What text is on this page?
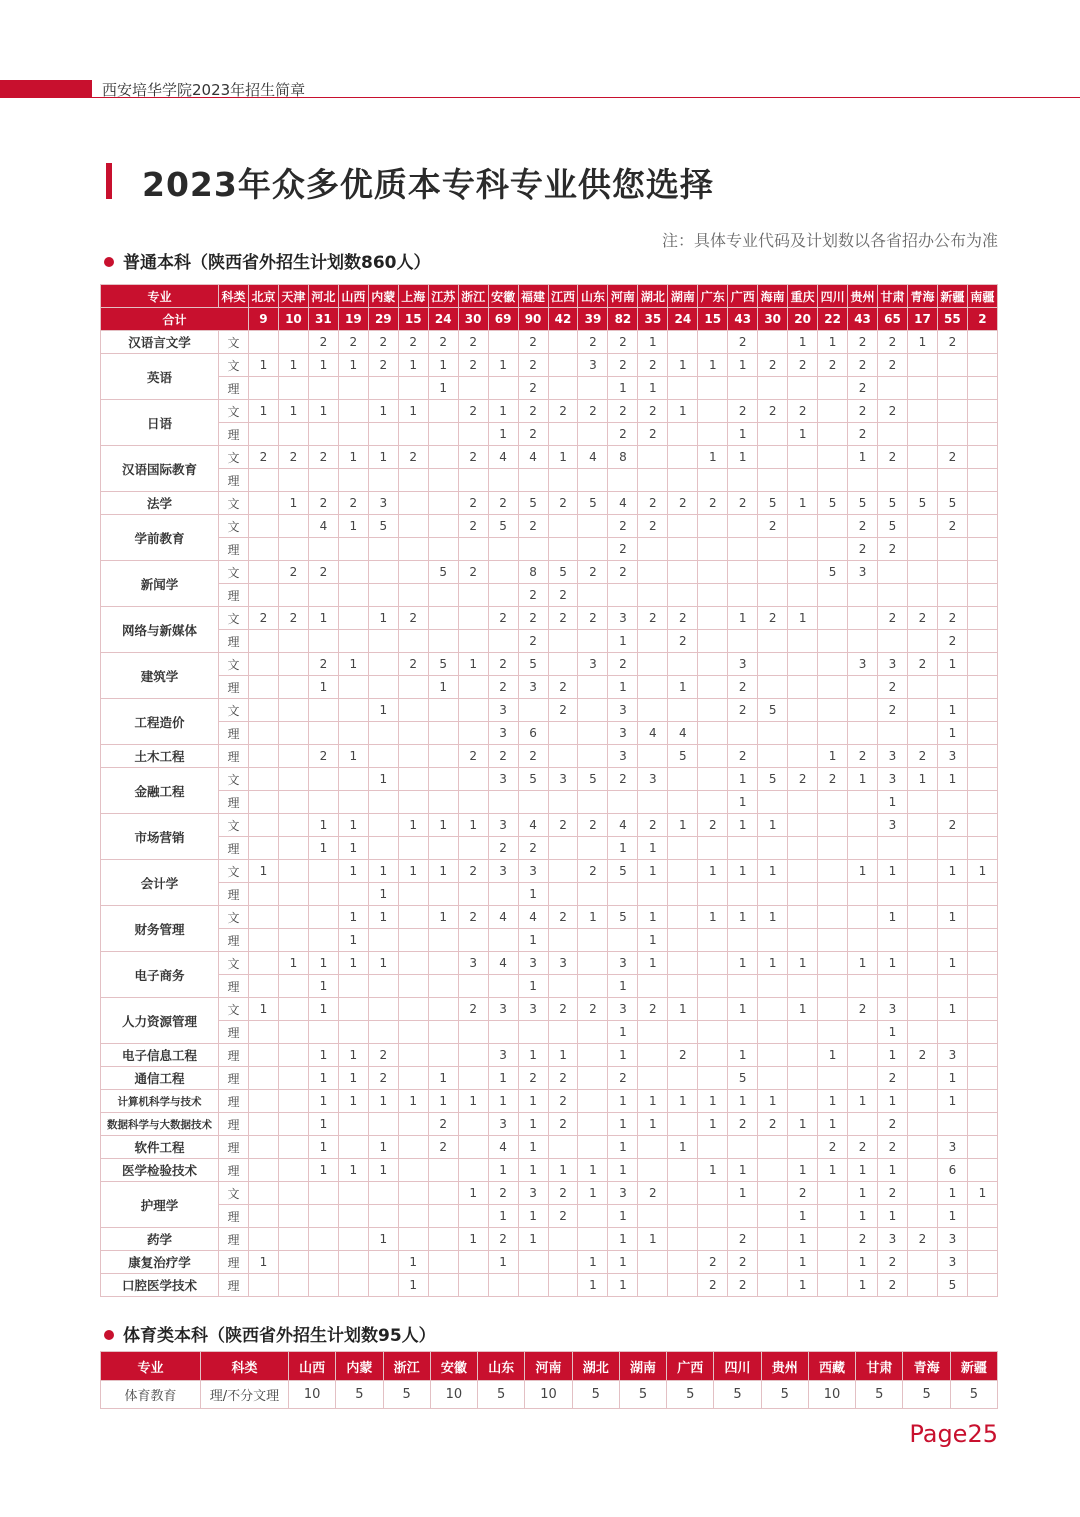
西安培华学院2023年招生简章
2023年众多优质本专科专业供您选择
注：具体专业代码及计划数以各省招办公布为准
普通本科（陕西省外招生计划数860人）
专业	科类	北京	天津	河北	山西	内蒙	上海	江苏	浙江	安徽	福建	江西	山东	河南	湖北	湖南	广东	广西	海南	重庆	四川	贵州	甘肃	青海	新疆	南疆
合计		9	10	31	19	29	15	24	30	69	90	42	39	82	35	24	15	43	30	20	22	43	65	17	55	2
汉语言文学	文			2	2	2	2	2	2		2		2	2	1			2		1	1	2	2	1	2	
英语	文	1	1	1	1	2	1	1	2	1	2		3	2	2	1	1	1	2	2	2	2	2			
	理							1			2			1	1							2				
日语	文	1	1	1		1	1		2	1	2	2	2	2	2	1		2	2	2		2	2			
	理									1	2			2	2			1		1		2				
汉语国际教育	文	2	2	2	1	1	2		2	4	4	1	4	8			1	1				1	2		2	
	理																									
法学	文		1	2	2	3			2	2	5	2	5	4	2	2	2	2	5	1	5	5	5	5	5	
学前教育	文			4	1	5			2	5	2			2	2				2			2	5		2	
	理													2								2	2			
新闻学	文		2	2				5	2		8	5	2	2							5	3				
	理										2	2														
网络与新媒体	文	2	2	1		1	2			2	2	2	2	3	2	2		1	2	1			2	2	2	
	理										2			1		2									2	
建筑学	文			2	1		2	5	1	2	5		3	2				3				3	3	2	1	
	理			1				1		2	3	2		1		1		2					2			
工程造价	文					1				3		2		3				2	5				2		1	
	理									3	6			3	4	4									1	
土木工程	理			2	1				2	2	2			3		5		2			1	2	3	2	3	
金融工程	文					1				3	5	3	5	2	3			1	5	2	2	1	3	1	1	
	理																	1					1			
市场营销	文			1	1		1	1	1	3	4	2	2	4	2	1	2	1	1				3		2	
	理			1	1					2	2			1	1											
会计学	文	1			1	1	1	1	2	3	3		2	5	1		1	1	1			1	1		1	1
	理					1					1															
财务管理	文				1	1		1	2	4	4	2	1	5	1		1	1	1				1		1	
	理				1						1				1											
电子商务	文		1	1	1	1			3	4	3	3		3	1			1	1	1		1	1		1	
	理			1							1			1												
人力资源管理	文	1		1					2	3	3	2	2	3	2	1		1		1		2	3		1	
	理													1									1			
电子信息工程	理			1	1	2				3	1	1		1		2		1			1		1	2	3	
通信工程	理			1	1	2		1		1	2	2		2				5					2		1	
计算机科学与技术	理			1	1	1	1	1	1	1	1	2		1	1	1	1	1	1		1	1	1		1	
数据科学与大数据技术	理			1				2		3	1	2		1	1		1	2	2	1	1		2			
软件工程	理			1		1		2		4	1			1		1					2	2	2		3	
医学检验技术	理			1	1	1				1	1	1	1	1			1	1		1	1	1	1		6	
护理学	文								1	2	3	2	1	3	2			1		2		1	2		1	1
	理									1	1	2		1						1		1	1		1	
药学	理					1			1	2	1			1	1			2		1		2	3	2	3	
康复治疗学	理	1					1			1			1	1			2	2		1		1	2		3	
口腔医学技术	理						1						1	1			2	2		1		1	2		5	
体育类本科（陕西省外招生计划数95人）
专业	科类	山西	内蒙	浙江	安徽	山东	河南	湖北	湖南	广西	四川	贵州	西藏	甘肃	青海	新疆
体育教育	理/不分文理	10	5	5	10	5	10	5	5	5	5	5	10	5	5	5
Page25
